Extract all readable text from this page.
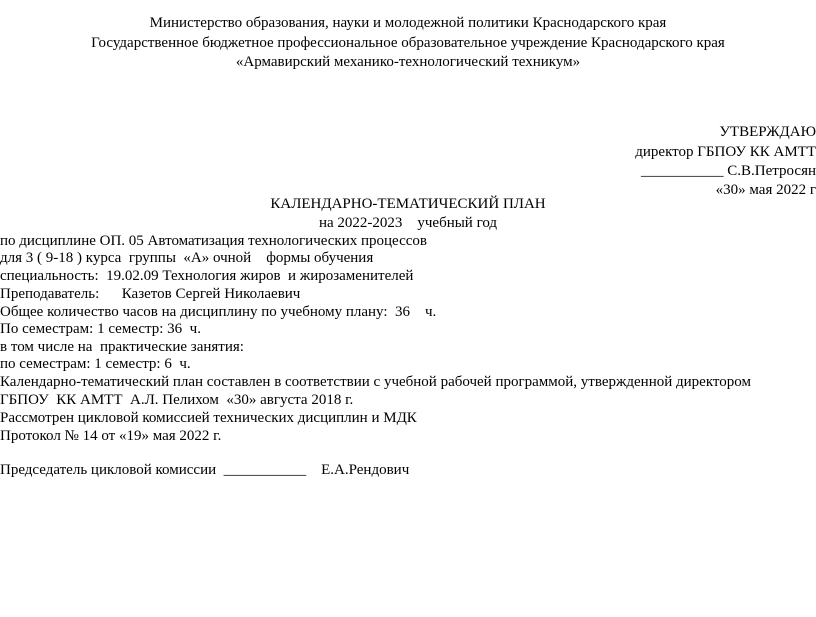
Министерство образования, науки и молодежной политики Краснодарского края
Государственное бюджетное профессиональное образовательное учреждение Краснодарского края
«Армавирский механико-технологический техникум»
УТВЕРЖДАЮ
директор ГБПОУ КК АМТТ
___________ С.В.Петросян
«30» мая 2022 г
КАЛЕНДАРНО-ТЕМАТИЧЕСКИЙ ПЛАН
на 2022-2023    учебный год
по дисциплине ОП. 05 Автоматизация технологических процессов
для 3 ( 9-18 ) курса  группы  «А» очной    формы обучения
специальность:  19.02.09 Технология жиров  и жирозаменителей
Преподаватель:      Казетов Сергей Николаевич
Общее количество часов на дисциплину по учебному плану:  36    ч.
По семестрам: 1 семестр: 36  ч.
в том числе на  практические занятия:
по семестрам: 1 семестр: 6  ч.
Календарно-тематический план составлен в соответствии с учебной рабочей программой, утвержденной директором
ГБПОУ  КК АМТТ  А.Л. Пелихом  «30» августа 2018 г.
Рассмотрен цикловой комиссией технических дисциплин и МДК
Протокол № 14 от «19» мая 2022 г.
Председатель цикловой комиссии  ___________    Е.А.Рендович
